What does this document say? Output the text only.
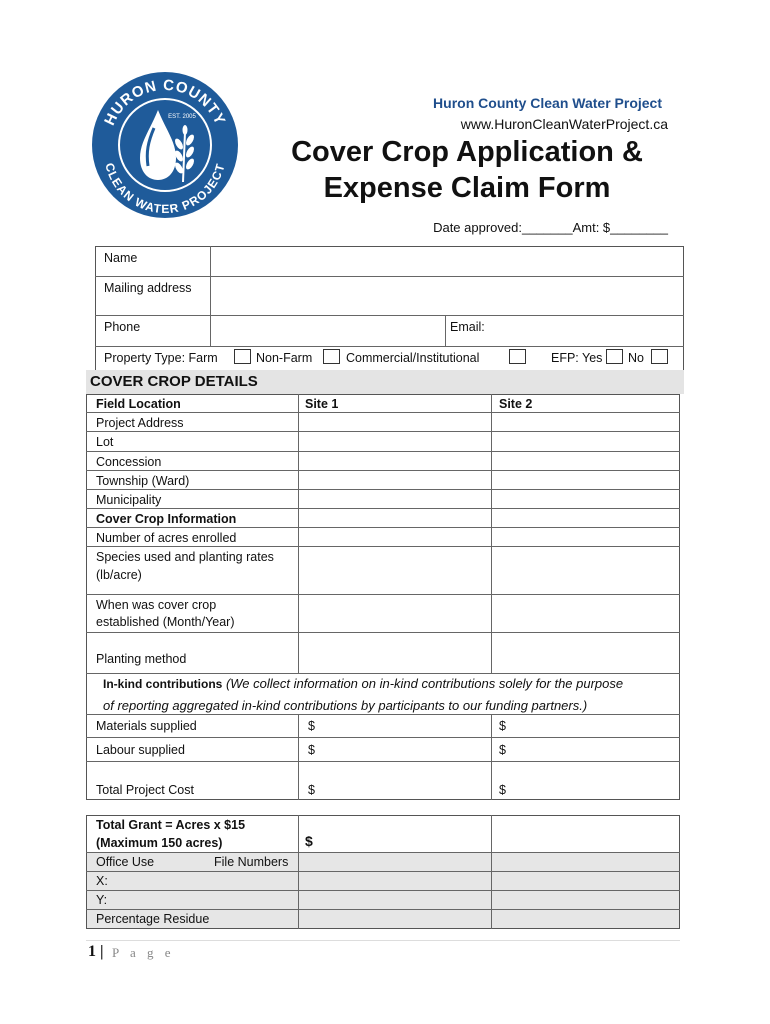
HURON COUNTY
CLEAN WATER PROJECT
EST. 2005
Huron County Clean Water Project
www.HuronCleanWaterProject.ca
Cover Crop Application &
Expense Claim Form
Date approved:_______Amt: $________
Name
Mailing address
Phone	Email:
Property Type: Farm	Non-Farm	Commercial/Institutional	EFP: Yes No
COVER CROP DETAILS
Field Location	Site 1	Site 2
Project Address
Lot
Concession
Township (Ward)
Municipality
Cover Crop Information
Number of acres enrolled
Species used and planting rates
(lb/acre)
When was cover crop
established (Month/Year)
Planting method
In-kind contributions (We collect information on in-kind contributions solely for the purpose
of reporting aggregated in-kind contributions by participants to our funding partners.)
Materials supplied	$	$
Labour supplied	$	$
Total Project Cost	$	$
Total Grant = Acres x $15
(Maximum 150 acres)	$
Office Use	File Numbers
X:
Y:
Percentage Residue
1 | P a g e
